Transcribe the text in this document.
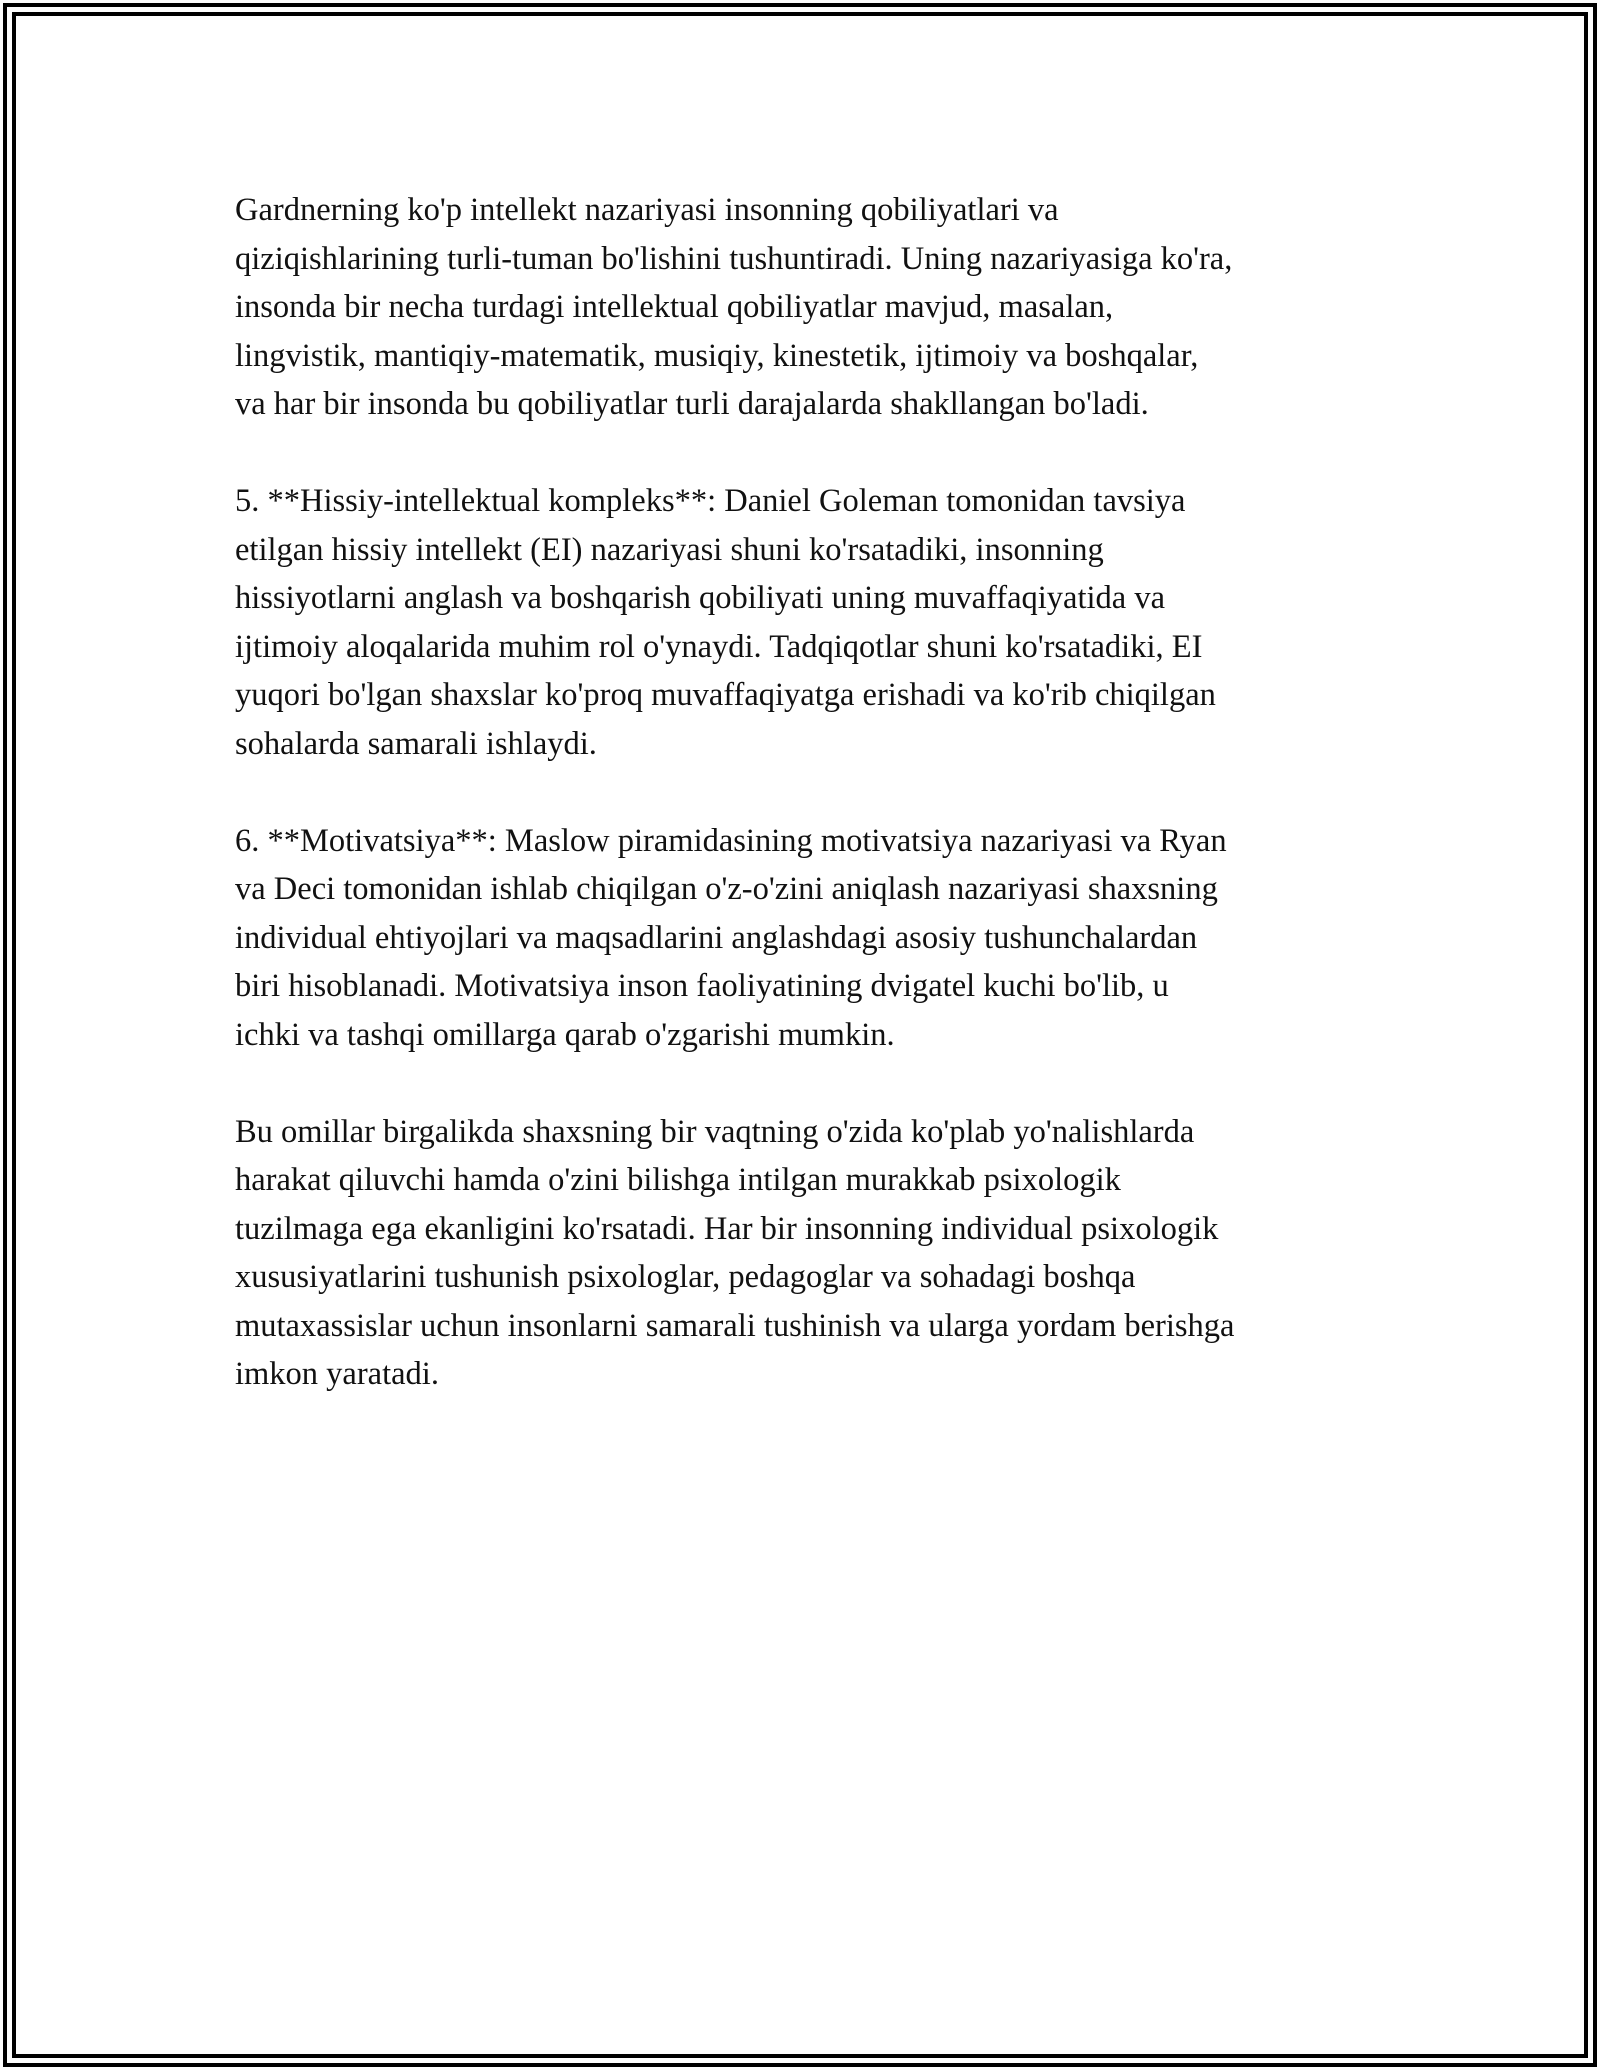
Gardnerning ko'p intellekt nazariyasi insonning qobiliyatlari va
qiziqishlarining turli-tuman bo'lishini tushuntiradi. Uning nazariyasiga ko'ra,
insonda bir necha turdagi intellektual qobiliyatlar mavjud, masalan,
lingvistik, mantiqiy-matematik, musiqiy, kinestetik, ijtimoiy va boshqalar,
va har bir insonda bu qobiliyatlar turli darajalarda shakllangan bo'ladi.

5. **Hissiy-intellektual kompleks**: Daniel Goleman tomonidan tavsiya
etilgan hissiy intellekt (EI) nazariyasi shuni ko'rsatadiki, insonning
hissiyotlarni anglash va boshqarish qobiliyati uning muvaffaqiyatida va
ijtimoiy aloqalarida muhim rol o'ynaydi. Tadqiqotlar shuni ko'rsatadiki, EI
yuqori bo'lgan shaxslar ko'proq muvaffaqiyatga erishadi va ko'rib chiqilgan
sohalarda samarali ishlaydi.

6. **Motivatsiya**: Maslow piramidasining motivatsiya nazariyasi va Ryan
va Deci tomonidan ishlab chiqilgan o'z-o'zini aniqlash nazariyasi shaxsning
individual ehtiyojlari va maqsadlarini anglashdagi asosiy tushunchalardan
biri hisoblanadi. Motivatsiya inson faoliyatining dvigatel kuchi bo'lib, u
ichki va tashqi omillarga qarab o'zgarishi mumkin.

Bu omillar birgalikda shaxsning bir vaqtning o'zida ko'plab yo'nalishlarda
harakat qiluvchi hamda o'zini bilishga intilgan murakkab psixologik
tuzilmaga ega ekanligini ko'rsatadi. Har bir insonning individual psixologik
xususiyatlarini tushunish psixologlar, pedagoglar va sohadagi boshqa
mutaxassislar uchun insonlarni samarali tushinish va ularga yordam berishga
imkon yaratadi.
